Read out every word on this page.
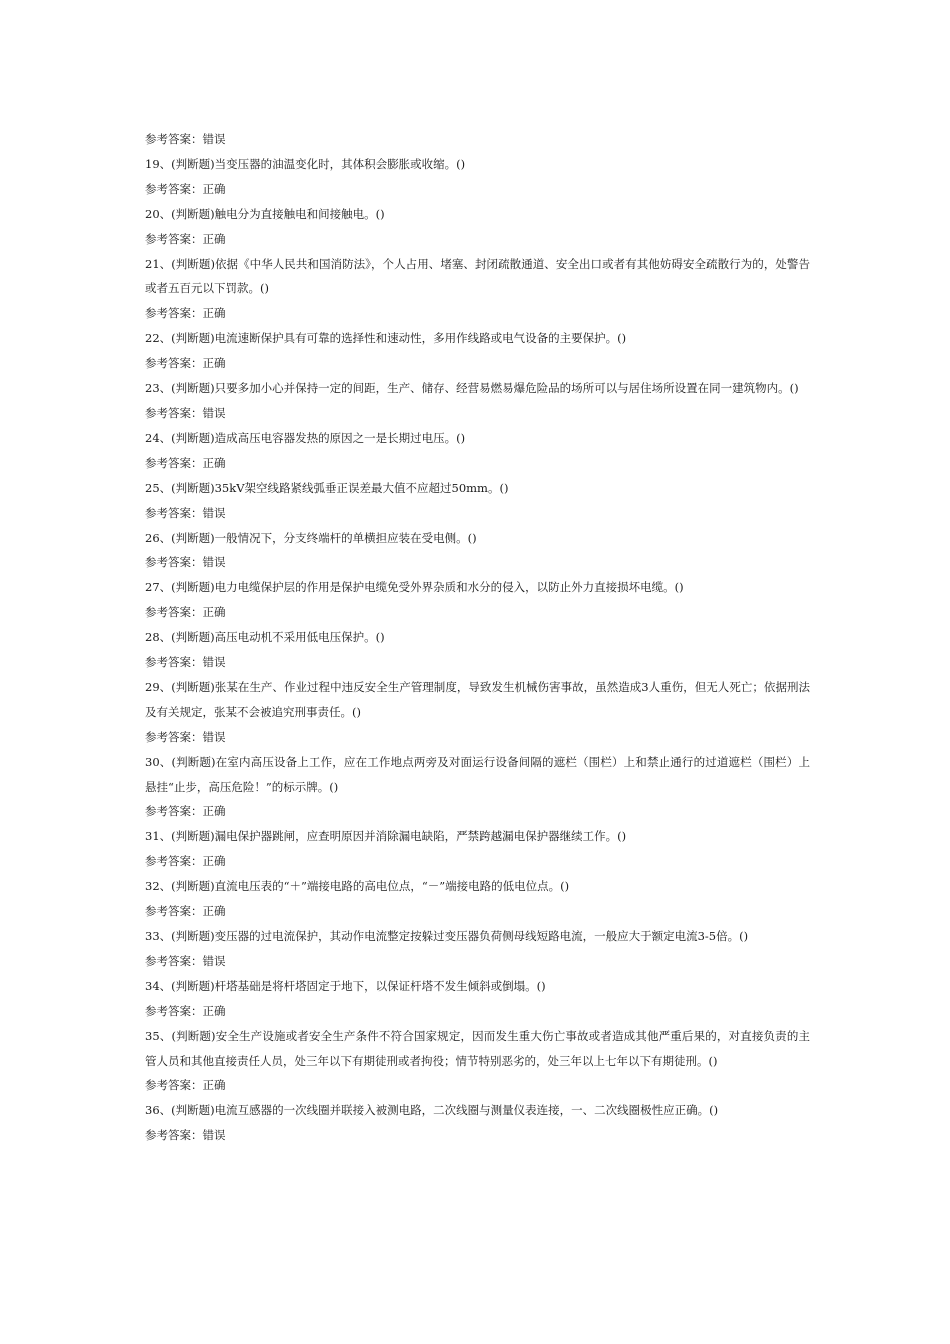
参考答案：错误

19、(判断题)当变压器的油温变化时，其体积会膨胀或收缩。()

参考答案：正确

20、(判断题)触电分为直接触电和间接触电。()

参考答案：正确

21、(判断题)依据《中华人民共和国消防法》，个人占用、堵塞、封闭疏散通道、安全出口或者有其他妨碍安全疏散行为的，处警告或者五百元以下罚款。()

参考答案：正确

22、(判断题)电流速断保护具有可靠的选择性和速动性，多用作线路或电气设备的主要保护。()

参考答案：正确

23、(判断题)只要多加小心并保持一定的间距，生产、储存、经营易燃易爆危险品的场所可以与居住场所设置在同一建筑物内。()

参考答案：错误

24、(判断题)造成高压电容器发热的原因之一是长期过电压。()

参考答案：正确

25、(判断题)35kV架空线路紧线弧垂正误差最大值不应超过50mm。()

参考答案：错误

26、(判断题)一般情况下，分支终端杆的单横担应装在受电侧。()

参考答案：错误

27、(判断题)电力电缆保护层的作用是保护电缆免受外界杂质和水分的侵入，以防止外力直接损坏电缆。()

参考答案：正确

28、(判断题)高压电动机不采用低电压保护。()

参考答案：错误

29、(判断题)张某在生产、作业过程中违反安全生产管理制度，导致发生机械伤害事故，虽然造成3人重伤，但无人死亡；依据刑法及有关规定，张某不会被追究刑事责任。()

参考答案：错误

30、(判断题)在室内高压设备上工作，应在工作地点两旁及对面运行设备间隔的遮栏（围栏）上和禁止通行的过道遮栏（围栏）上悬挂“止步，高压危险！”的标示牌。()

参考答案：正确

31、(判断题)漏电保护器跳闸，应查明原因并消除漏电缺陷，严禁跨越漏电保护器继续工作。()

参考答案：正确

32、(判断题)直流电压表的“＋”端接电路的高电位点，“－”端接电路的低电位点。()

参考答案：正确

33、(判断题)变压器的过电流保护，其动作电流整定按躲过变压器负荷侧母线短路电流，一般应大于额定电流3-5倍。()

参考答案：错误

34、(判断题)杆塔基础是将杆塔固定于地下，以保证杆塔不发生倾斜或倒塌。()

参考答案：正确

35、(判断题)安全生产设施或者安全生产条件不符合国家规定，因而发生重大伤亡事故或者造成其他严重后果的，对直接负责的主管人员和其他直接责任人员，处三年以下有期徒刑或者拘役；情节特别恶劣的，处三年以上七年以下有期徒刑。()

参考答案：正确

36、(判断题)电流互感器的一次线圈并联接入被测电路，二次线圈与测量仪表连接，一、二次线圈极性应正确。()

参考答案：错误
